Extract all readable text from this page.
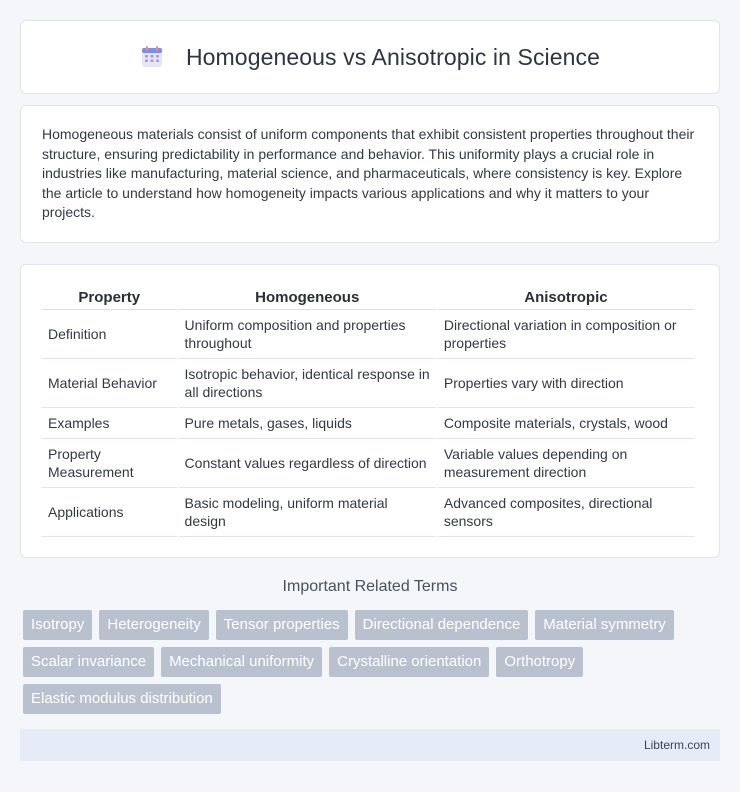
Homogeneous vs Anisotropic in Science

Homogeneous materials consist of uniform components that exhibit consistent properties throughout their structure, ensuring predictability in performance and behavior. This uniformity plays a crucial role in industries like manufacturing, material science, and pharmaceuticals, where consistency is key. Explore the article to understand how homogeneity impacts various applications and why it matters to your projects.

Property	Homogeneous	Anisotropic
Definition	Uniform composition and properties throughout	Directional variation in composition or properties
Material Behavior	Isotropic behavior, identical response in all directions	Properties vary with direction
Examples	Pure metals, gases, liquids	Composite materials, crystals, wood
Property Measurement	Constant values regardless of direction	Variable values depending on measurement direction
Applications	Basic modeling, uniform material design	Advanced composites, directional sensors
Important Related Terms
Isotropy	Heterogeneity	Tensor properties	Directional dependence	Material symmetry
Scalar invariance	Mechanical uniformity	Crystalline orientation	Orthotropy
Elastic modulus distribution
Libterm.com
